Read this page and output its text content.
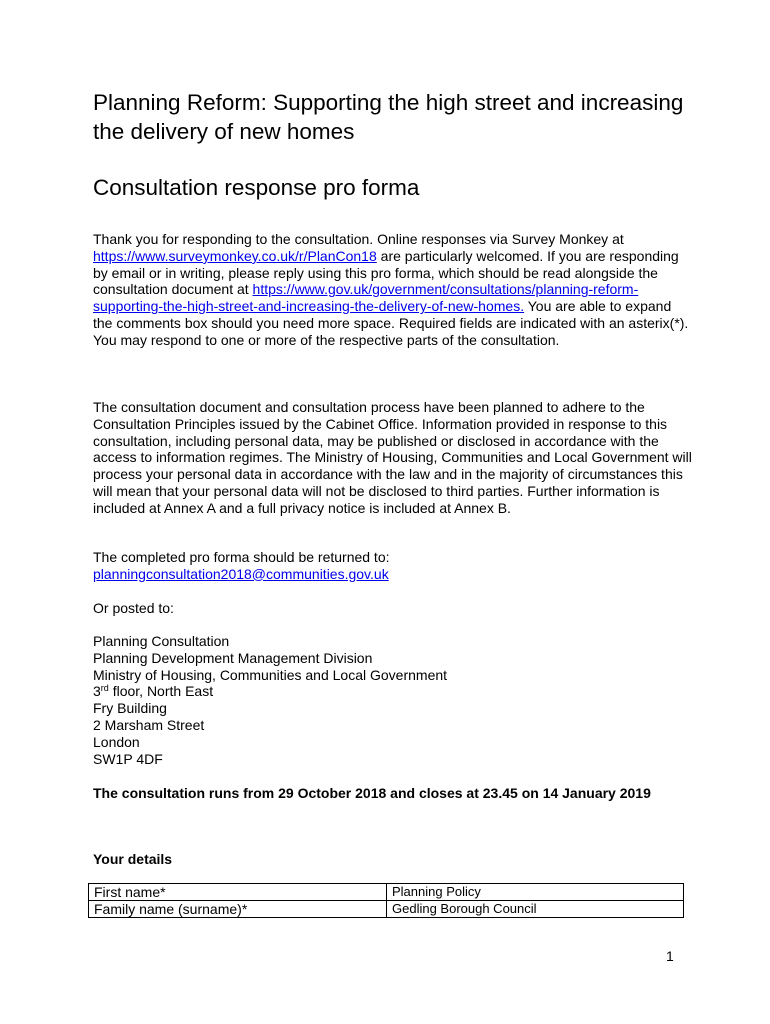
Planning Reform: Supporting the high street and increasing the delivery of new homes
Consultation response pro forma

Thank you for responding to the consultation. Online responses via Survey Monkey at https://www.surveymonkey.co.uk/r/PlanCon18 are particularly welcomed. If you are responding by email or in writing, please reply using this pro forma, which should be read alongside the consultation document at https://www.gov.uk/government/consultations/planning-reform-supporting-the-high-street-and-increasing-the-delivery-of-new-homes. You are able to expand the comments box should you need more space. Required fields are indicated with an asterix(*). You may respond to one or more of the respective parts of the consultation.

The consultation document and consultation process have been planned to adhere to the Consultation Principles issued by the Cabinet Office. Information provided in response to this consultation, including personal data, may be published or disclosed in accordance with the access to information regimes. The Ministry of Housing, Communities and Local Government will process your personal data in accordance with the law and in the majority of circumstances this will mean that your personal data will not be disclosed to third parties. Further information is included at Annex A and a full privacy notice is included at Annex B.

The completed pro forma should be returned to:

planningconsultation2018@communities.gov.uk

Or posted to:

Planning Consultation

Planning Development Management Division

Ministry of Housing, Communities and Local Government

3rd floor, North East

Fry Building

2 Marsham Street

London

SW1P 4DF

The consultation runs from 29 October 2018 and closes at 23.45 on 14 January 2019

Your details

First name*	Planning Policy
Family name (surname)*	Gedling Borough Council
1
